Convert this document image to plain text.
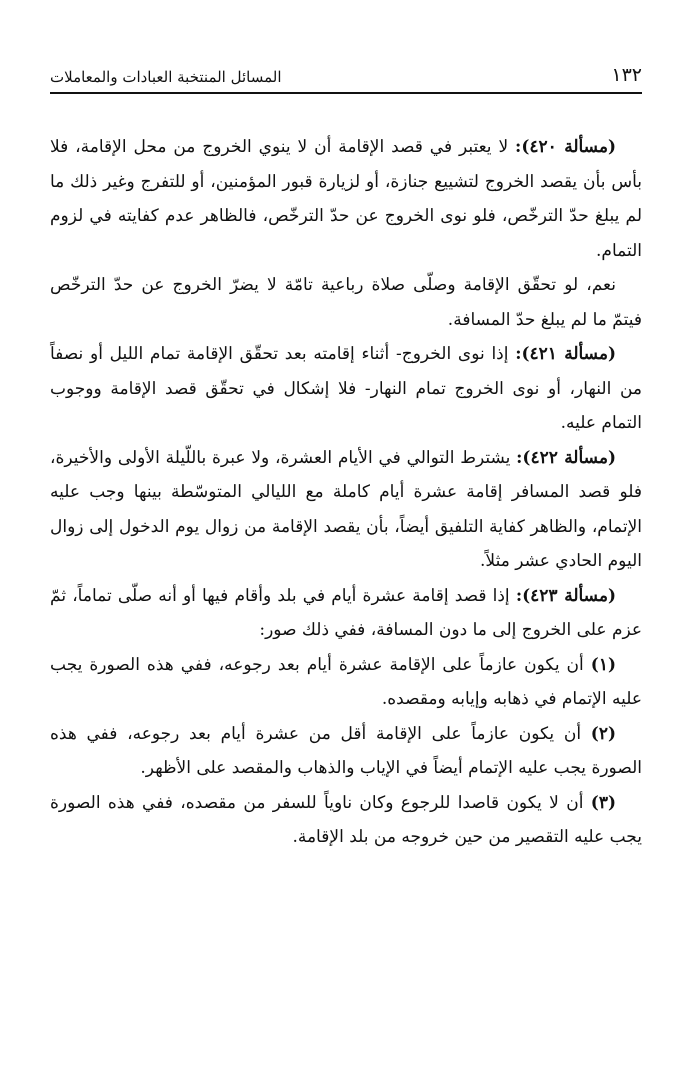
١٣٢
المسائل المنتخبة العبادات والمعاملات

(مسألة ٤٢٠): لا يعتبر في قصد الإقامة أن لا ينوي الخروج من محل الإقامة، فلا بأس بأن يقصد الخروج لتشييع جنازة، أو لزيارة قبور المؤمنين، أو للتفرج وغير ذلك ما لم يبلغ حدّ الترخّص، فلو نوى الخروج عن حدّ الترخّص، فالظاهر عدم كفايته في لزوم التمام.

نعم، لو تحقّق الإقامة وصلّى صلاة رباعية تامّة لا يضرّ الخروج عن حدّ الترخّص فيتمّ ما لم يبلغ حدّ المسافة.

(مسألة ٤٢١): إذا نوى الخروج- أثناء إقامته بعد تحقّق الإقامة تمام الليل أو نصفاً من النهار، أو نوى الخروج تمام النهار- فلا إشكال في تحقّق قصد الإقامة ووجوب التمام عليه.

(مسألة ٤٢٢): يشترط التوالي في الأيام العشرة، ولا عبرة باللّيلة الأولى والأخيرة، فلو قصد المسافر إقامة عشرة أيام كاملة مع الليالي المتوسّطة بينها وجب عليه الإتمام، والظاهر كفاية التلفيق أيضاً، بأن يقصد الإقامة من زوال يوم الدخول إلى زوال اليوم الحادي عشر مثلاً.

(مسألة ٤٢٣): إذا قصد إقامة عشرة أيام في بلد وأقام فيها أو أنه صلّى تماماً، ثمّ عزم على الخروج إلى ما دون المسافة، ففي ذلك صور:

(١) أن يكون عازماً على الإقامة عشرة أيام بعد رجوعه، ففي هذه الصورة يجب عليه الإتمام في ذهابه وإيابه ومقصده.

(٢) أن يكون عازماً على الإقامة أقل من عشرة أيام بعد رجوعه، ففي هذه الصورة يجب عليه الإتمام أيضاً في الإياب والذهاب والمقصد على الأظهر.

(٣) أن لا يكون قاصدا للرجوع وكان ناوياً للسفر من مقصده، ففي هذه الصورة يجب عليه التقصير من حين خروجه من بلد الإقامة.
